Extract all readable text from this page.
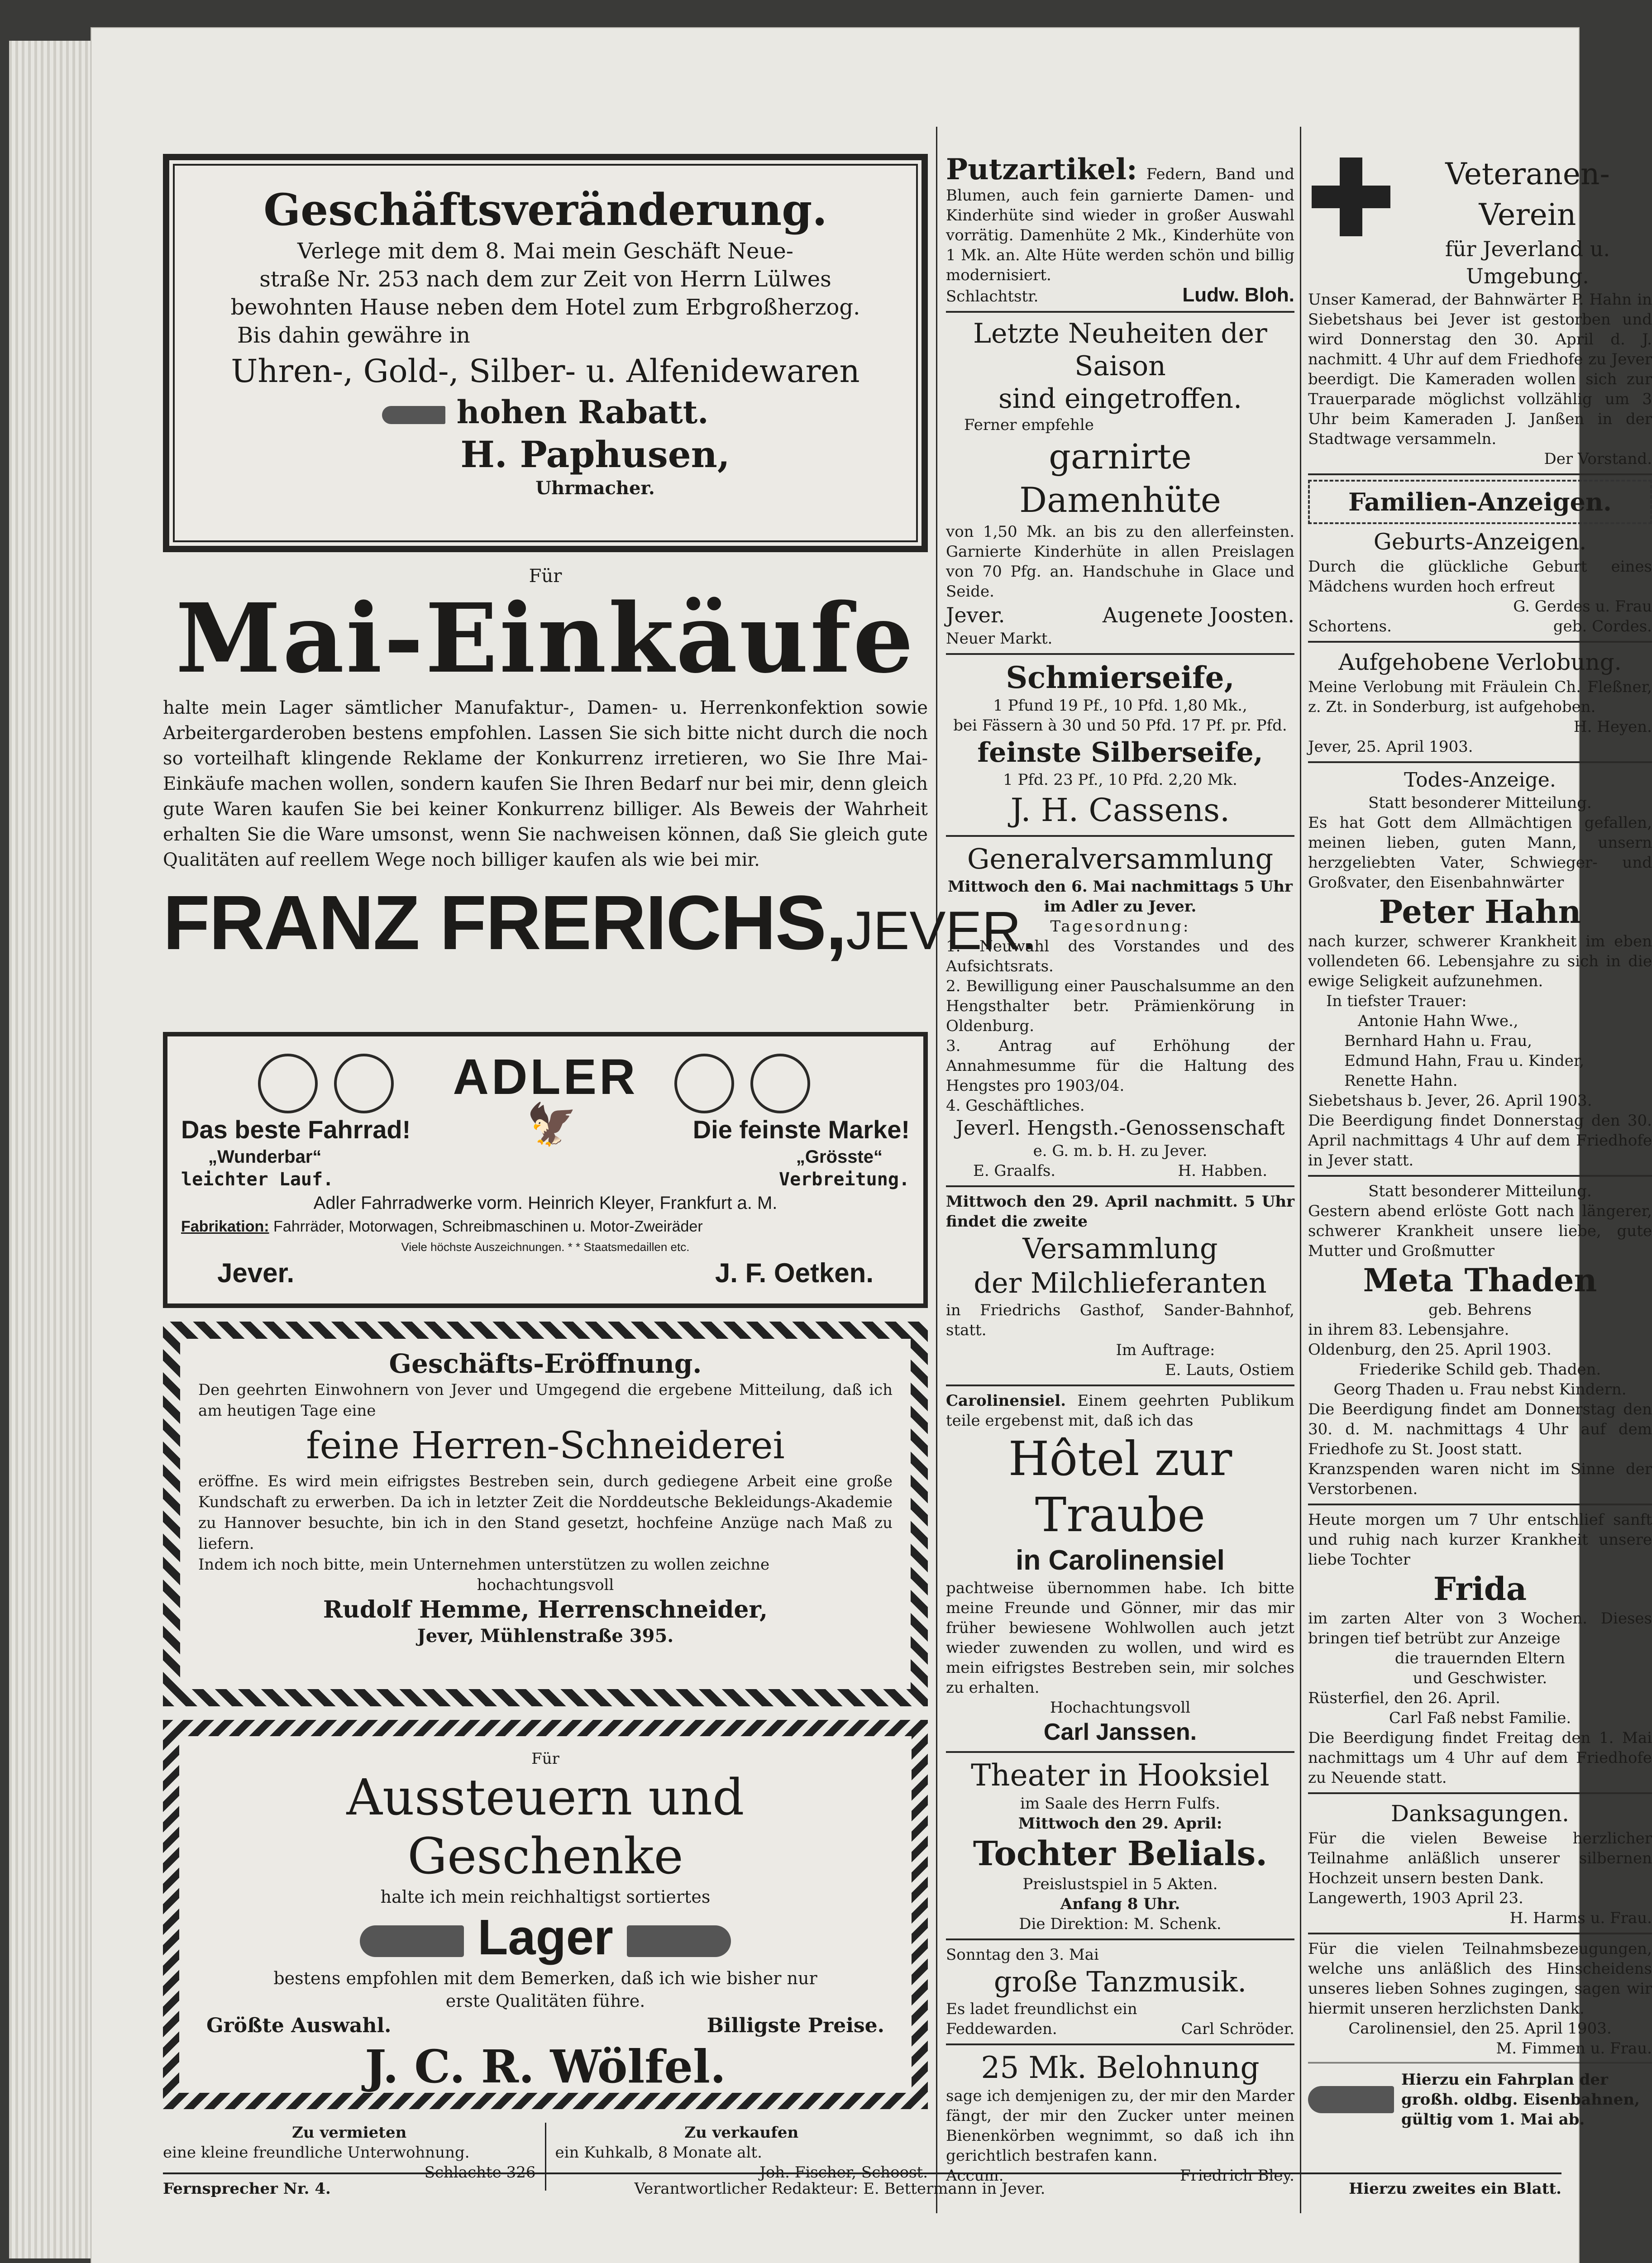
Geschäftsveränderung.
Verlege mit dem 8. Mai mein Geschäft Neue-
straße Nr. 253 nach dem zur Zeit von Herrn Lülwes
bewohnten Hause neben dem Hotel zum Erbgroßherzog.
Bis dahin gewähre in
Uhren-, Gold-, Silber- u. Alfenidewaren
hohen Rabatt.
H. Paphusen,
Uhrmacher.
Für
Mai-Einkäufe
halte mein Lager sämtlicher Manufaktur-, Damen- u. Herrenkonfektion sowie Arbeitergarderoben bestens empfohlen. Lassen Sie sich bitte nicht durch die noch so vorteilhaft klingende Reklame der Konkurrenz irretieren, wo Sie Ihre Mai-Einkäufe machen wollen, sondern kaufen Sie Ihren Bedarf nur bei mir, denn gleich gute Waren kaufen Sie bei keiner Konkurrenz billiger. Als Beweis der Wahrheit erhalten Sie die Ware umsonst, wenn Sie nachweisen können, daß Sie gleich gute Qualitäten auf reellem Wege noch billiger kaufen als wie bei mir.
FRANZ FRERICHS,JEVER.
ADLER
Das beste Fahrrad!	🦅	Die feinste Marke!
„Wunderbar“	„Grösste“
leichter Lauf.	Verbreitung.
Adler Fahrradwerke vorm. Heinrich Kleyer, Frankfurt a. M.
Fabrikation: Fahrräder, Motorwagen, Schreibmaschinen u. Motor-Zweiräder
Viele höchste Auszeichnungen. * * Staatsmedaillen etc.
Jever.	J. F. Oetken.
Geschäfts-Eröffnung.
Den geehrten Einwohnern von Jever und Umgegend die ergebene Mitteilung, daß ich am heutigen Tage eine
feine Herren-Schneiderei
eröffne. Es wird mein eifrigstes Bestreben sein, durch gediegene Arbeit eine große Kundschaft zu erwerben. Da ich in letzter Zeit die Norddeutsche Bekleidungs-Akademie zu Hannover besuchte, bin ich in den Stand gesetzt, hochfeine Anzüge nach Maß zu liefern.
Indem ich noch bitte, mein Unternehmen unterstützen zu wollen zeichne
hochachtungsvoll
Rudolf Hemme, Herrenschneider,
Jever, Mühlenstraße 395.
Für
Aussteuern und Geschenke
halte ich mein reichhaltigst sortiertes
Lager
bestens empfohlen mit dem Bemerken, daß ich wie bisher nur
erste Qualitäten führe.
Größte Auswahl.	Billigste Preise.
J. C. R. Wölfel.
Zu vermieten
eine kleine freundliche Unterwohnung.
Schlachte 326
Zu verkaufen
ein Kuhkalb, 8 Monate alt.
Joh. Fischer, Schoost.
Putzartikel: Federn, Band und Blumen, auch fein garnierte Damen- und Kinderhüte sind wieder in großer Auswahl vorrätig. Damenhüte 2 Mk., Kinderhüte von 1 Mk. an. Alte Hüte werden schön und billig modernisiert.
Schlachtstr.	Ludw. Bloh.
Letzte Neuheiten der Saison
sind eingetroffen.
Ferner empfehle
garnirte Damenhüte
von 1,50 Mk. an bis zu den allerfeinsten. Garnierte Kinderhüte in allen Preislagen von 70 Pfg. an. Handschuhe in Glace und Seide.
Jever.	Augenete Joosten.
Neuer Markt.
Schmierseife,
1 Pfund 19 Pf., 10 Pfd. 1,80 Mk.,
bei Fässern à 30 und 50 Pfd. 17 Pf. pr. Pfd.
feinste Silberseife,
1 Pfd. 23 Pf., 10 Pfd. 2,20 Mk.
J. H. Cassens.
Generalversammlung
Mittwoch den 6. Mai nachmittags 5 Uhr im Adler zu Jever.
Tagesordnung:
1. Neuwahl des Vorstandes und des Aufsichtsrats.
2. Bewilligung einer Pauschalsumme an den Hengsthalter betr. Prämienkörung in Oldenburg.
3. Antrag auf Erhöhung der Annahmesumme für die Haltung des Hengstes pro 1903/04.
4. Geschäftliches.
Jeverl. Hengsth.-Genossenschaft
e. G. m. b. H. zu Jever.
E. Graalfs.	H. Habben.
Mittwoch den 29. April nachmitt. 5 Uhr findet die zweite
Versammlung
der Milchlieferanten
in Friedrichs Gasthof, Sander-Bahnhof, statt.
Im Auftrage:
E. Lauts, Ostiem
Carolinensiel. Einem geehrten Publikum teile ergebenst mit, daß ich das
Hôtel zur Traube
in Carolinensiel
pachtweise übernommen habe. Ich bitte meine Freunde und Gönner, mir das mir früher bewiesene Wohlwollen auch jetzt wieder zuwenden zu wollen, und wird es mein eifrigstes Bestreben sein, mir solches zu erhalten.
Hochachtungsvoll
Carl Janssen.
Theater in Hooksiel
im Saale des Herrn Fulfs.
Mittwoch den 29. April:
Tochter Belials.
Preislustspiel in 5 Akten.
Anfang 8 Uhr.
Die Direktion: M. Schenk.
Sonntag den 3. Mai
große Tanzmusik.
Es ladet freundlichst ein
Feddewarden.	Carl Schröder.
25 Mk. Belohnung
sage ich demjenigen zu, der mir den Marder fängt, der mir den Zucker unter meinen Bienenkörben wegnimmt, so daß ich ihn gerichtlich bestrafen kann.
Accum.	Friedrich Bley.
Veteranen-Verein
für Jeverland u. Umgebung.
Unser Kamerad, der Bahnwärter P. Hahn in Siebetshaus bei Jever ist gestorben und wird Donnerstag den 30. April d. J. nachmitt. 4 Uhr auf dem Friedhofe zu Jever beerdigt. Die Kameraden wollen sich zur Trauerparade möglichst vollzählig um 3 Uhr beim Kameraden J. Janßen in der Stadtwage versammeln.
Der Vorstand.
Familien-Anzeigen.
Geburts-Anzeigen.
Durch die glückliche Geburt eines Mädchens wurden hoch erfreut
G. Gerdes u. Frau
Schortens.	geb. Cordes.
Aufgehobene Verlobung.
Meine Verlobung mit Fräulein Ch. Fleßner, z. Zt. in Sonderburg, ist aufgehoben.
H. Heyen.
Jever, 25. April 1903.
Todes-Anzeige.
Statt besonderer Mitteilung.
Es hat Gott dem Allmächtigen gefallen, meinen lieben, guten Mann, unsern herzgeliebten Vater, Schwieger- und Großvater, den Eisenbahnwärter
Peter Hahn
nach kurzer, schwerer Krankheit im eben vollendeten 66. Lebensjahre zu sich in die ewige Seligkeit aufzunehmen.
In tiefster Trauer:
Antonie Hahn Wwe.,
Bernhard Hahn u. Frau,
Edmund Hahn, Frau u. Kinder,
Renette Hahn.
Siebetshaus b. Jever, 26. April 1903.
Die Beerdigung findet Donnerstag den 30. April nachmittags 4 Uhr auf dem Friedhofe in Jever statt.
Statt besonderer Mitteilung.
Gestern abend erlöste Gott nach längerer, schwerer Krankheit unsere liebe, gute Mutter und Großmutter
Meta Thaden
geb. Behrens
in ihrem 83. Lebensjahre.
Oldenburg, den 25. April 1903.
Friederike Schild geb. Thaden.
Georg Thaden u. Frau nebst Kindern.
Die Beerdigung findet am Donnerstag den 30. d. M. nachmittags 4 Uhr auf dem Friedhofe zu St. Joost statt.
Kranzspenden waren nicht im Sinne der Verstorbenen.
Heute morgen um 7 Uhr entschlief sanft und ruhig nach kurzer Krankheit unsere liebe Tochter
Frida
im zarten Alter von 3 Wochen. Dieses bringen tief betrübt zur Anzeige
die trauernden Eltern
und Geschwister.
Rüsterfiel, den 26. April.
Carl Faß nebst Familie.
Die Beerdigung findet Freitag den 1. Mai nachmittags um 4 Uhr auf dem Friedhofe zu Neuende statt.
Danksagungen.
Für die vielen Beweise herzlicher Teilnahme anläßlich unserer silbernen Hochzeit unsern besten Dank.
Langewerth, 1903 April 23.
H. Harms u. Frau.
Für die vielen Teilnahmsbezeugungen, welche uns anläßlich des Hinscheidens unseres lieben Sohnes zugingen, sagen wir hiermit unseren herzlichsten Dank.
Carolinensiel, den 25. April 1903.
M. Fimmen u. Frau.
Hierzu ein Fahrplan der großh. oldbg. Eisenbahnen, gültig vom 1. Mai ab.
Fernsprecher Nr. 4.	Verantwortlicher Redakteur: E. Bettermann in Jever.	Hierzu zweites ein Blatt.
